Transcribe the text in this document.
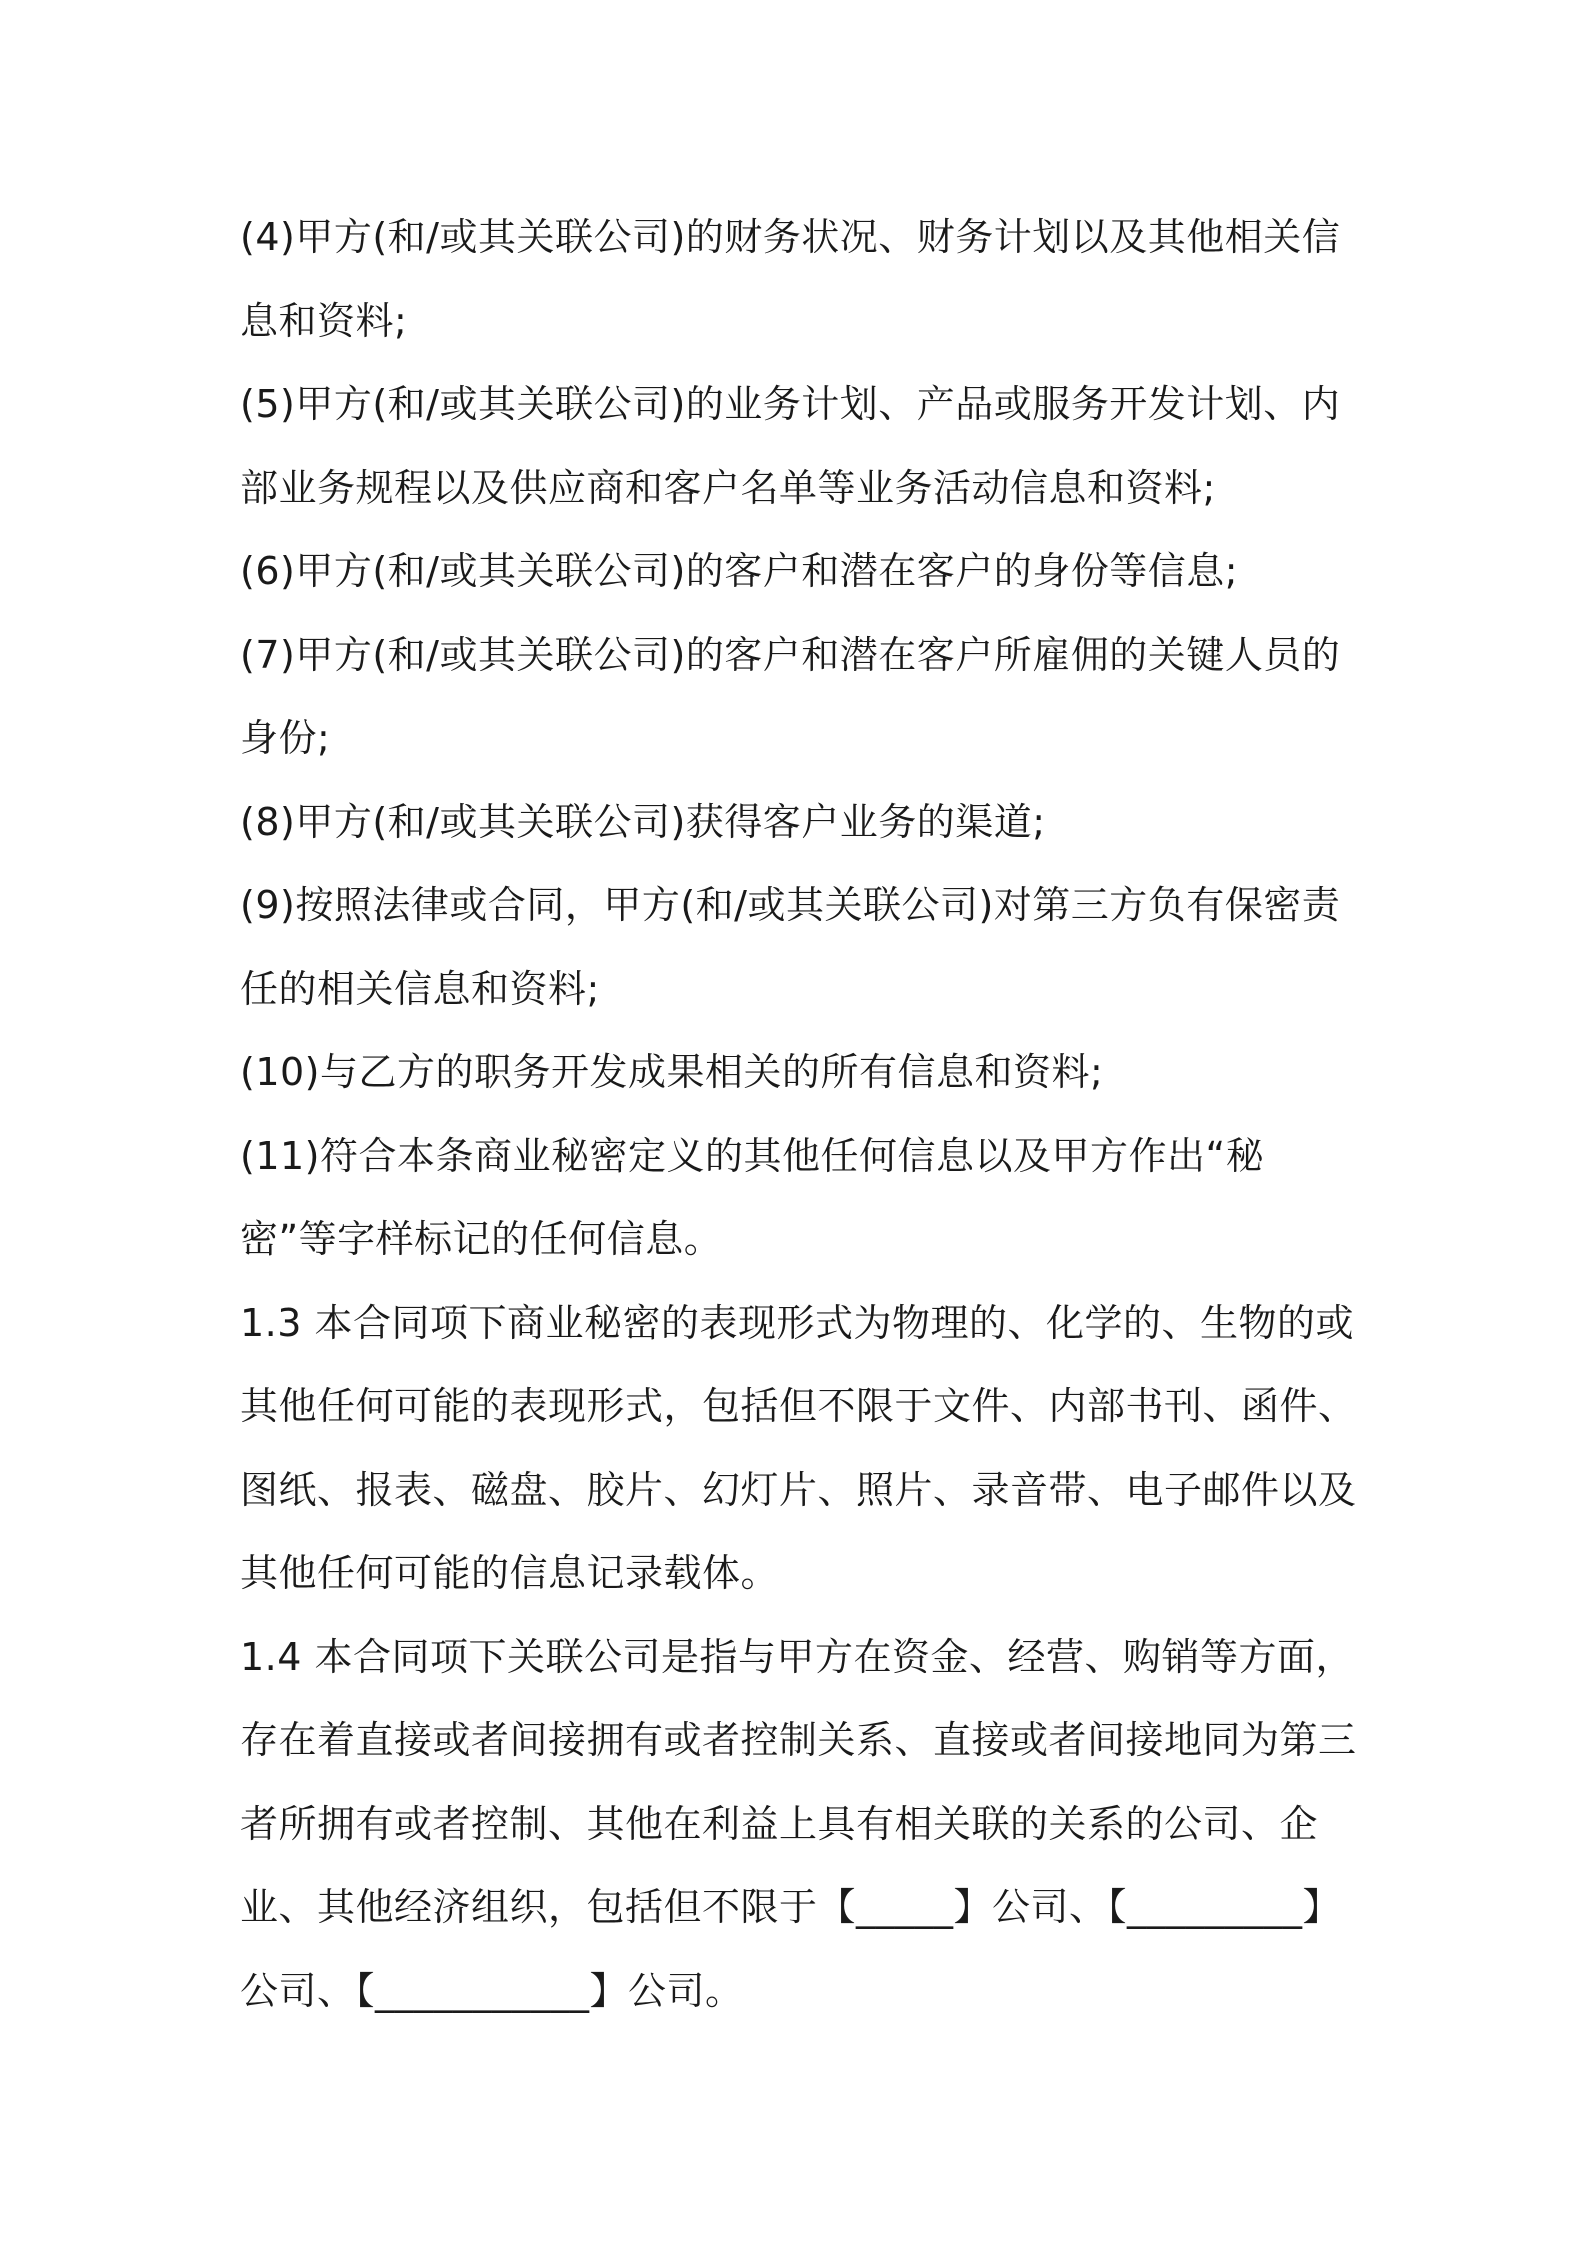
(4)甲方(和/或其关联公司)的财务状况、财务计划以及其他相关信息和资料;

(5)甲方(和/或其关联公司)的业务计划、产品或服务开发计划、内部业务规程以及供应商和客户名单等业务活动信息和资料;

(6)甲方(和/或其关联公司)的客户和潜在客户的身份等信息;

(7)甲方(和/或其关联公司)的客户和潜在客户所雇佣的关键人员的身份;

(8)甲方(和/或其关联公司)获得客户业务的渠道;

(9)按照法律或合同，甲方(和/或其关联公司)对第三方负有保密责任的相关信息和资料;

(10)与乙方的职务开发成果相关的所有信息和资料;

(11)符合本条商业秘密定义的其他任何信息以及甲方作出“秘密”等字样标记的任何信息。

1.3 本合同项下商业秘密的表现形式为物理的、化学的、生物的或其他任何可能的表现形式，包括但不限于文件、内部书刊、函件、图纸、报表、磁盘、胶片、幻灯片、照片、录音带、电子邮件以及其他任何可能的信息记录载体。

1.4 本合同项下关联公司是指与甲方在资金、经营、购销等方面，存在着直接或者间接拥有或者控制关系、直接或者间接地同为第三者所拥有或者控制、其他在利益上具有相关联的关系的公司、企业、其他经济组织，包括但不限于【_____】公司、【_________】公司、【___________】公司。
